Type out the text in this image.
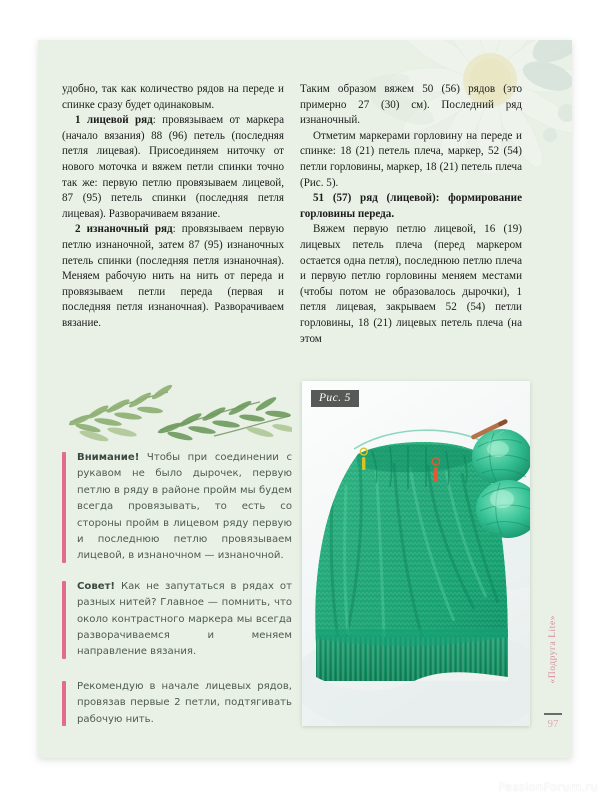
удобно, так как количество рядов на переде и спинке сразу будет одинаковым.

1 лицевой ряд: провязываем от маркера (начало вязания) 88 (96) петель (последняя петля лицевая). Присоединяем ниточку от нового моточка и вяжем петли спинки точно так же: первую петлю провязываем лицевой, 87 (95) петель спинки (последняя петля лицевая). Разворачиваем вязание.

2 изнаночный ряд: провязываем первую петлю изнаночной, затем 87 (95) изнаночных петель спинки (последняя петля изнаночная). Меняем рабочую нить на нить от переда и провязываем петли переда (первая и последняя петля изнаночная). Разворачиваем вязание.

Таким образом вяжем 50 (56) рядов (это примерно 27 (30) см). Последний ряд изнаночный.

Отметим маркерами горловину на переде и спинке: 18 (21) петель плеча, маркер, 52 (54) петли горловины, маркер, 18 (21) петель плеча (Рис. 5).

51 (57) ряд (лицевой): формирование горловины переда.

Вяжем первую петлю лицевой, 16 (19) лицевых петель плеча (перед маркером остается одна петля), последнюю петлю плеча и первую петлю горловины меняем местами (чтобы потом не образовалось дырочки), 1 петля лицевая, закрываем 52 (54) петли горловины, 18 (21) лицевых петель плеча (на этом

Внимание! Чтобы при соединении с рукавом не было дырочек, первую петлю в ряду в районе пройм мы будем всегда провязывать, то есть со стороны пройм в лицевом ряду первую и последнюю петлю провязываем лицевой, в изнаночном — изнаночной.
Совет! Как не запутаться в рядах от разных нитей? Главное — помнить, что около контрастного маркера мы всегда разворачиваемся и меняем направление вязания.
Рекомендую в начале лицевых рядов, провязав первые 2 петли, подтягивать рабочую нить.
Рис. 5
«Подруга Lite»
97
PassionForum.ru
